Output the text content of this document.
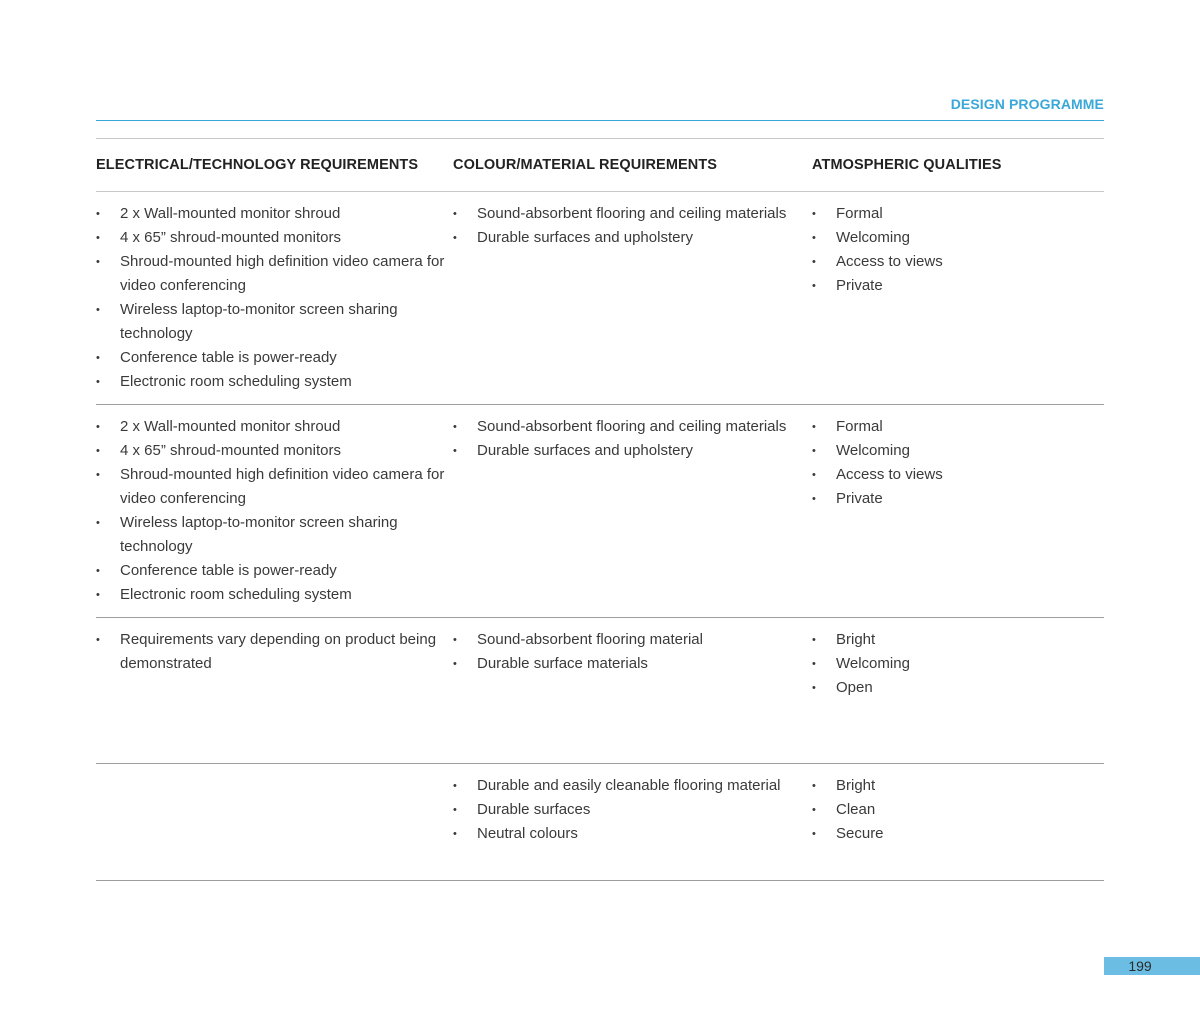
DESIGN PROGRAMME
ELECTRICAL/TECHNOLOGY REQUIREMENTS	COLOUR/MATERIAL REQUIREMENTS	ATMOSPHERIC QUALITIES
• 2 x Wall-mounted monitor shroud
• 4 x 65” shroud-mounted monitors
• Shroud-mounted high definition video camera for video conferencing
• Wireless laptop-to-monitor screen sharing technology
• Conference table is power-ready
• Electronic room scheduling system
• Sound-absorbent flooring and ceiling materials
• Durable surfaces and upholstery
• Formal
• Welcoming
• Access to views
• Private
• 2 x Wall-mounted monitor shroud
• 4 x 65” shroud-mounted monitors
• Shroud-mounted high definition video camera for video conferencing
• Wireless laptop-to-monitor screen sharing technology
• Conference table is power-ready
• Electronic room scheduling system
• Sound-absorbent flooring and ceiling materials
• Durable surfaces and upholstery
• Formal
• Welcoming
• Access to views
• Private
• Requirements vary depending on product being demonstrated
• Sound-absorbent flooring material
• Durable surface materials
• Bright
• Welcoming
• Open
• Durable and easily cleanable flooring material
• Durable surfaces
• Neutral colours
• Bright
• Clean
• Secure
199
